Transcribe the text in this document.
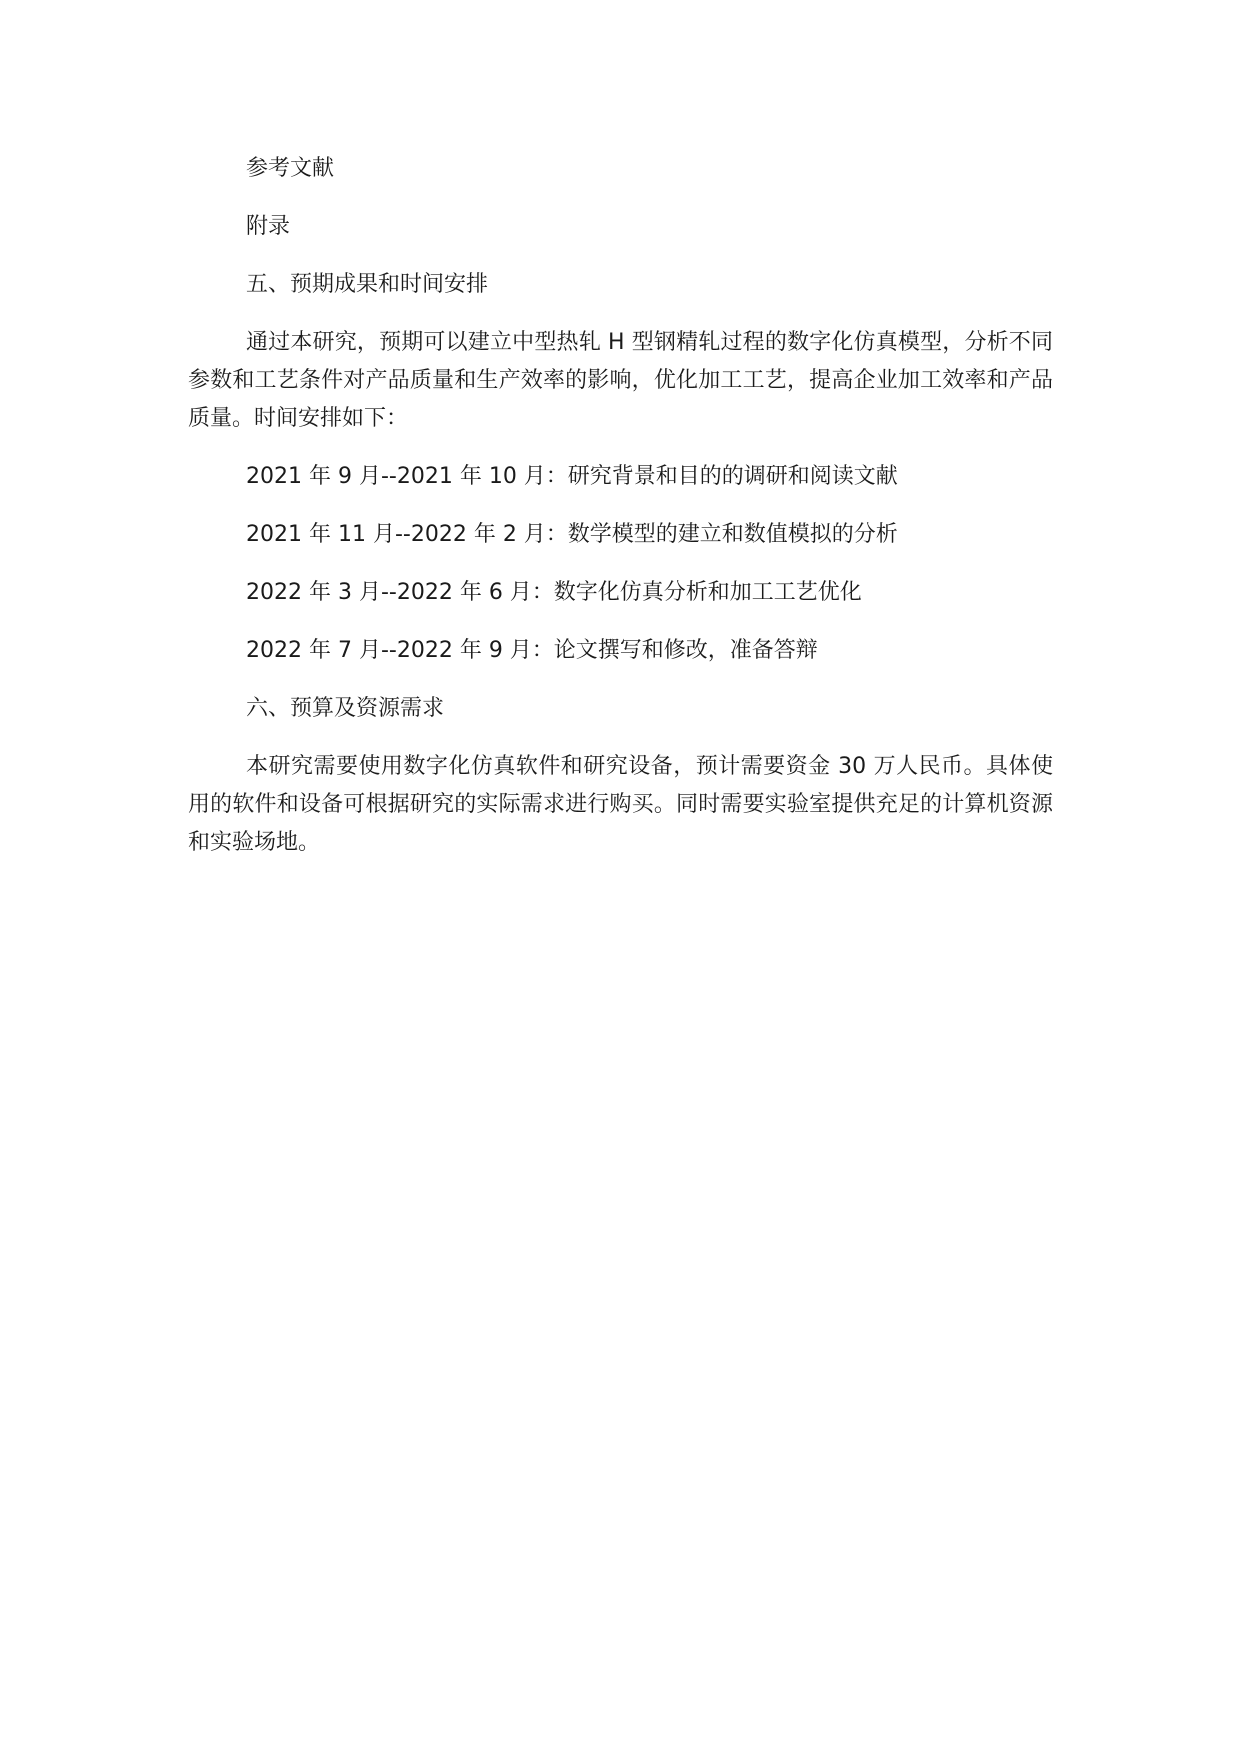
参考文献

附录

五、预期成果和时间安排

通过本研究，预期可以建立中型热轧 H 型钢精轧过程的数字化仿真模型，分析不同参数和工艺条件对产品质量和生产效率的影响，优化加工工艺，提高企业加工效率和产品质量。时间安排如下：

2021 年 9 月--2021 年 10 月：研究背景和目的的调研和阅读文献

2021 年 11 月--2022 年 2 月：数学模型的建立和数值模拟的分析

2022 年 3 月--2022 年 6 月：数字化仿真分析和加工工艺优化

2022 年 7 月--2022 年 9 月：论文撰写和修改，准备答辩

六、预算及资源需求

本研究需要使用数字化仿真软件和研究设备，预计需要资金 30 万人民币。具体使用的软件和设备可根据研究的实际需求进行购买。同时需要实验室提供充足的计算机资源和实验场地。
